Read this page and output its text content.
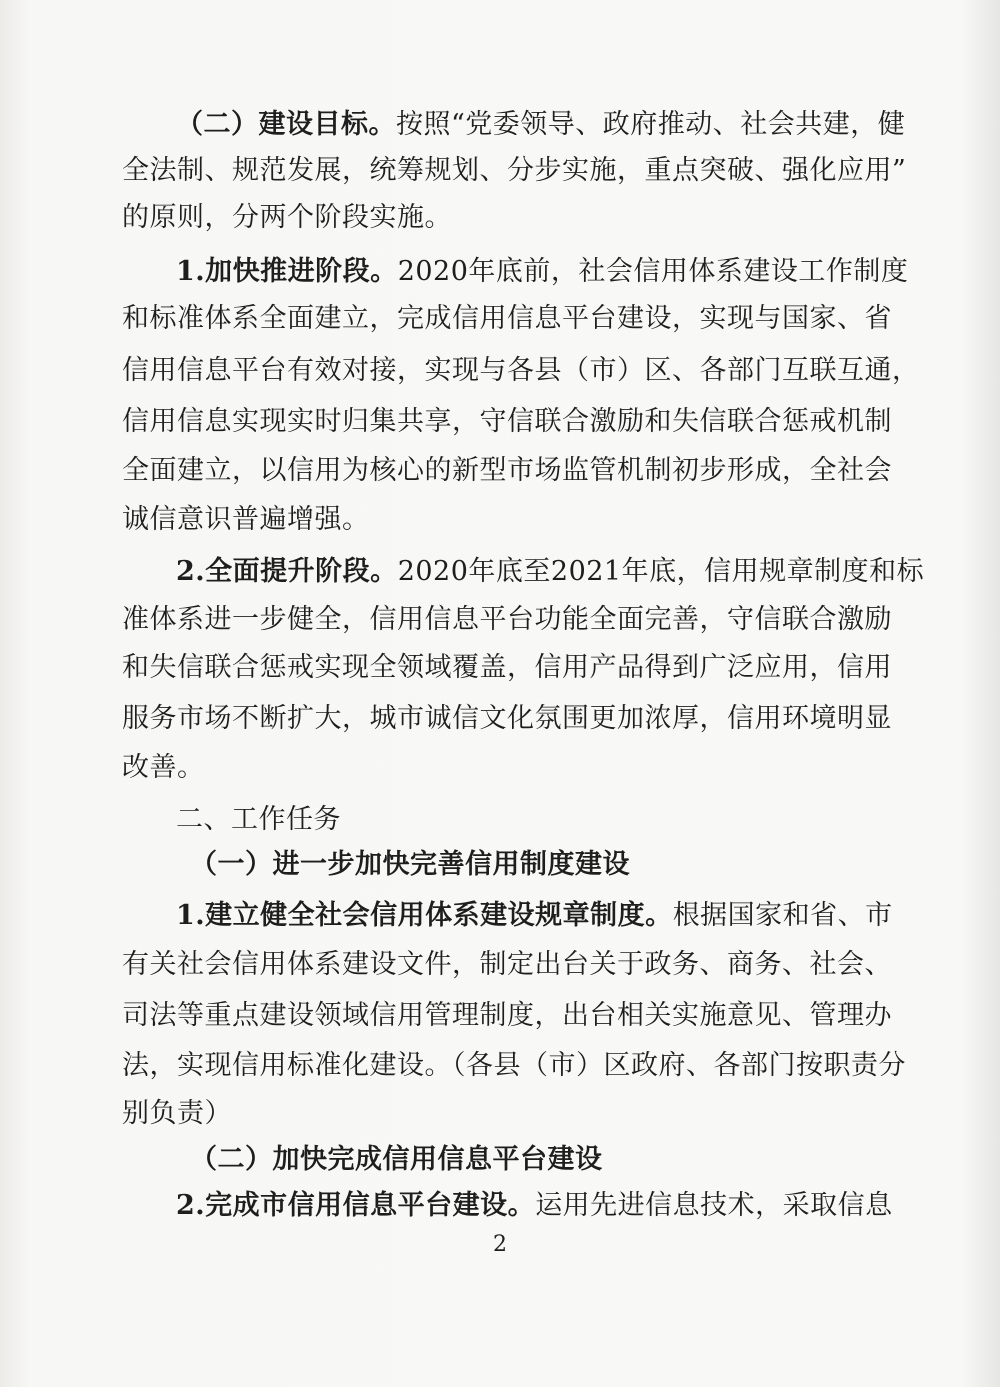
（二）建设目标。按照“党委领导、政府推动、社会共建，健
全法制、规范发展，统筹规划、分步实施，重点突破、强化应用”
的原则，分两个阶段实施。
1.加快推进阶段。2020年底前，社会信用体系建设工作制度
和标准体系全面建立，完成信用信息平台建设，实现与国家、省
信用信息平台有效对接，实现与各县（市）区、各部门互联互通，
信用信息实现实时归集共享，守信联合激励和失信联合惩戒机制
全面建立，以信用为核心的新型市场监管机制初步形成，全社会
诚信意识普遍增强。
2.全面提升阶段。2020年底至2021年底，信用规章制度和标
准体系进一步健全，信用信息平台功能全面完善，守信联合激励
和失信联合惩戒实现全领域覆盖，信用产品得到广泛应用，信用
服务市场不断扩大，城市诚信文化氛围更加浓厚，信用环境明显
改善。
二、工作任务
（一）进一步加快完善信用制度建设
1.建立健全社会信用体系建设规章制度。根据国家和省、市
有关社会信用体系建设文件，制定出台关于政务、商务、社会、
司法等重点建设领域信用管理制度，出台相关实施意见、管理办
法，实现信用标准化建设。（各县（市）区政府、各部门按职责分
别负责）
（二）加快完成信用信息平台建设
2.完成市信用信息平台建设。运用先进信息技术，采取信息
2
